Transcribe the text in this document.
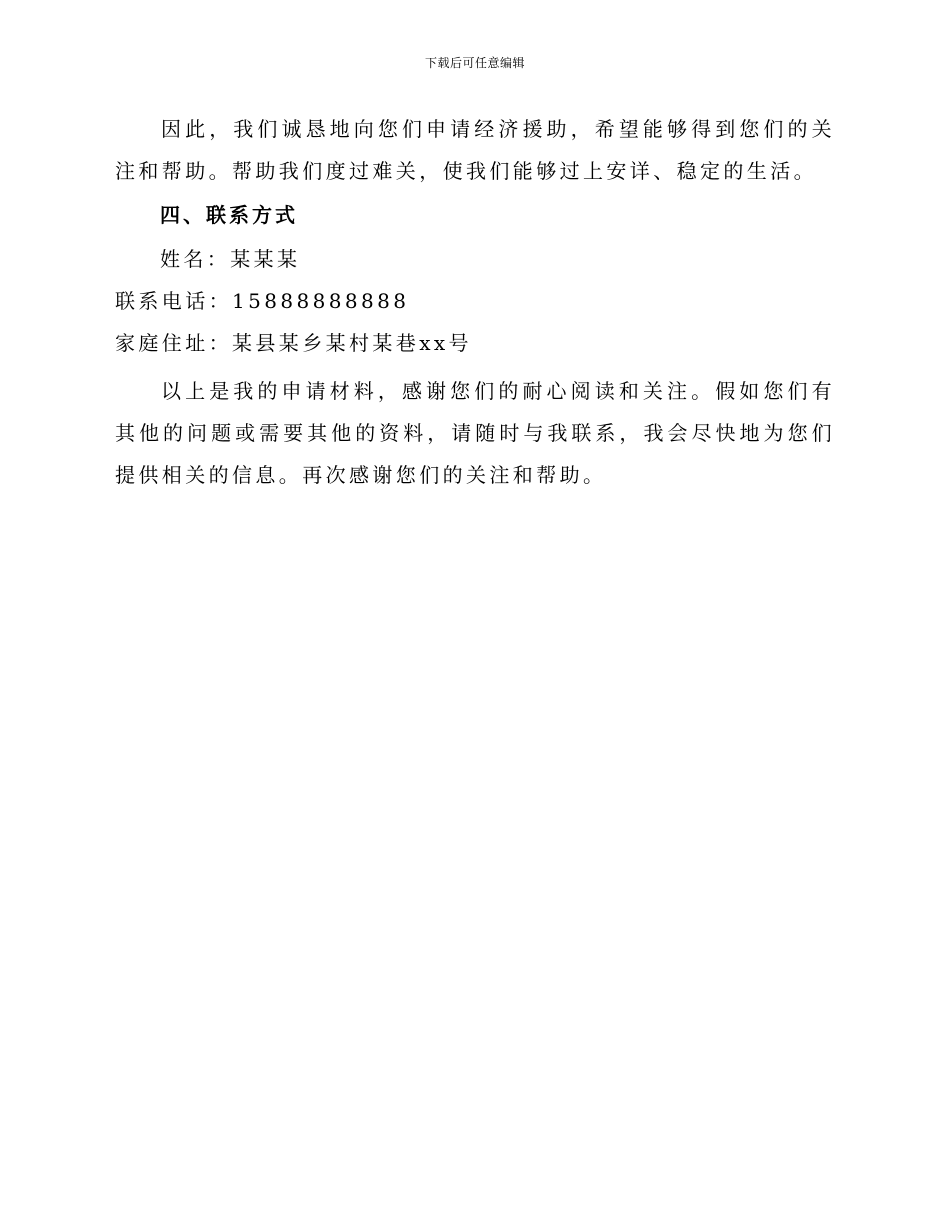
下载后可任意编辑

因此，我们诚恳地向您们申请经济援助，希望能够得到您们的关注和帮助。帮助我们度过难关，使我们能够过上安详、稳定的生活。

四、联系方式

姓名：某某某

联系电话：15888888888

家庭住址：某县某乡某村某巷xx号

以上是我的申请材料，感谢您们的耐心阅读和关注。假如您们有其他的问题或需要其他的资料，请随时与我联系，我会尽快地为您们提供相关的信息。再次感谢您们的关注和帮助。
